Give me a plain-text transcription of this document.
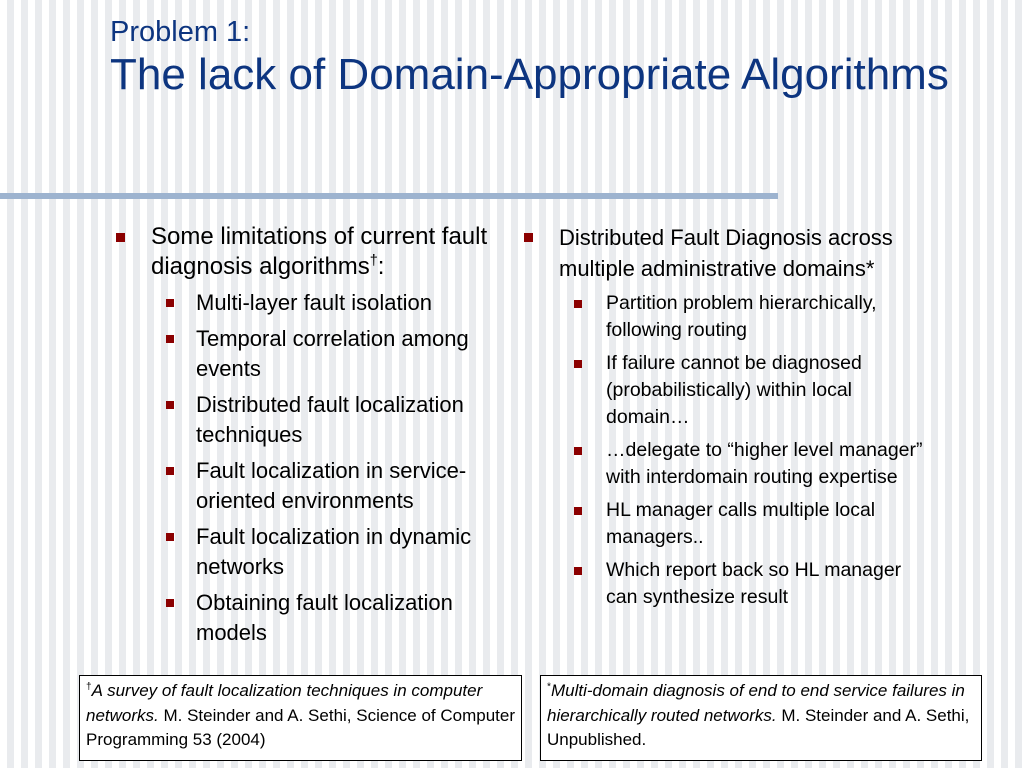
Problem 1:
The lack of Domain-Appropriate Algorithms
Some limitations of current fault diagnosis algorithms†:
Multi-layer fault isolation
Temporal correlation among events
Distributed fault localization techniques
Fault localization in service-oriented environments
Fault localization in dynamic networks
Obtaining fault localization models
Distributed Fault Diagnosis across multiple administrative domains*
Partition problem hierarchically, following routing
If failure cannot be diagnosed (probabilistically) within local domain…
…delegate to “higher level manager” with interdomain routing expertise
HL manager calls multiple local managers..
Which report back so HL manager can synthesize result
†A survey of fault localization techniques in computer networks. M. Steinder and A. Sethi, Science of Computer Programming 53 (2004)
*Multi-domain diagnosis of end to end service failures in hierarchically routed networks. M. Steinder and A. Sethi, Unpublished.
